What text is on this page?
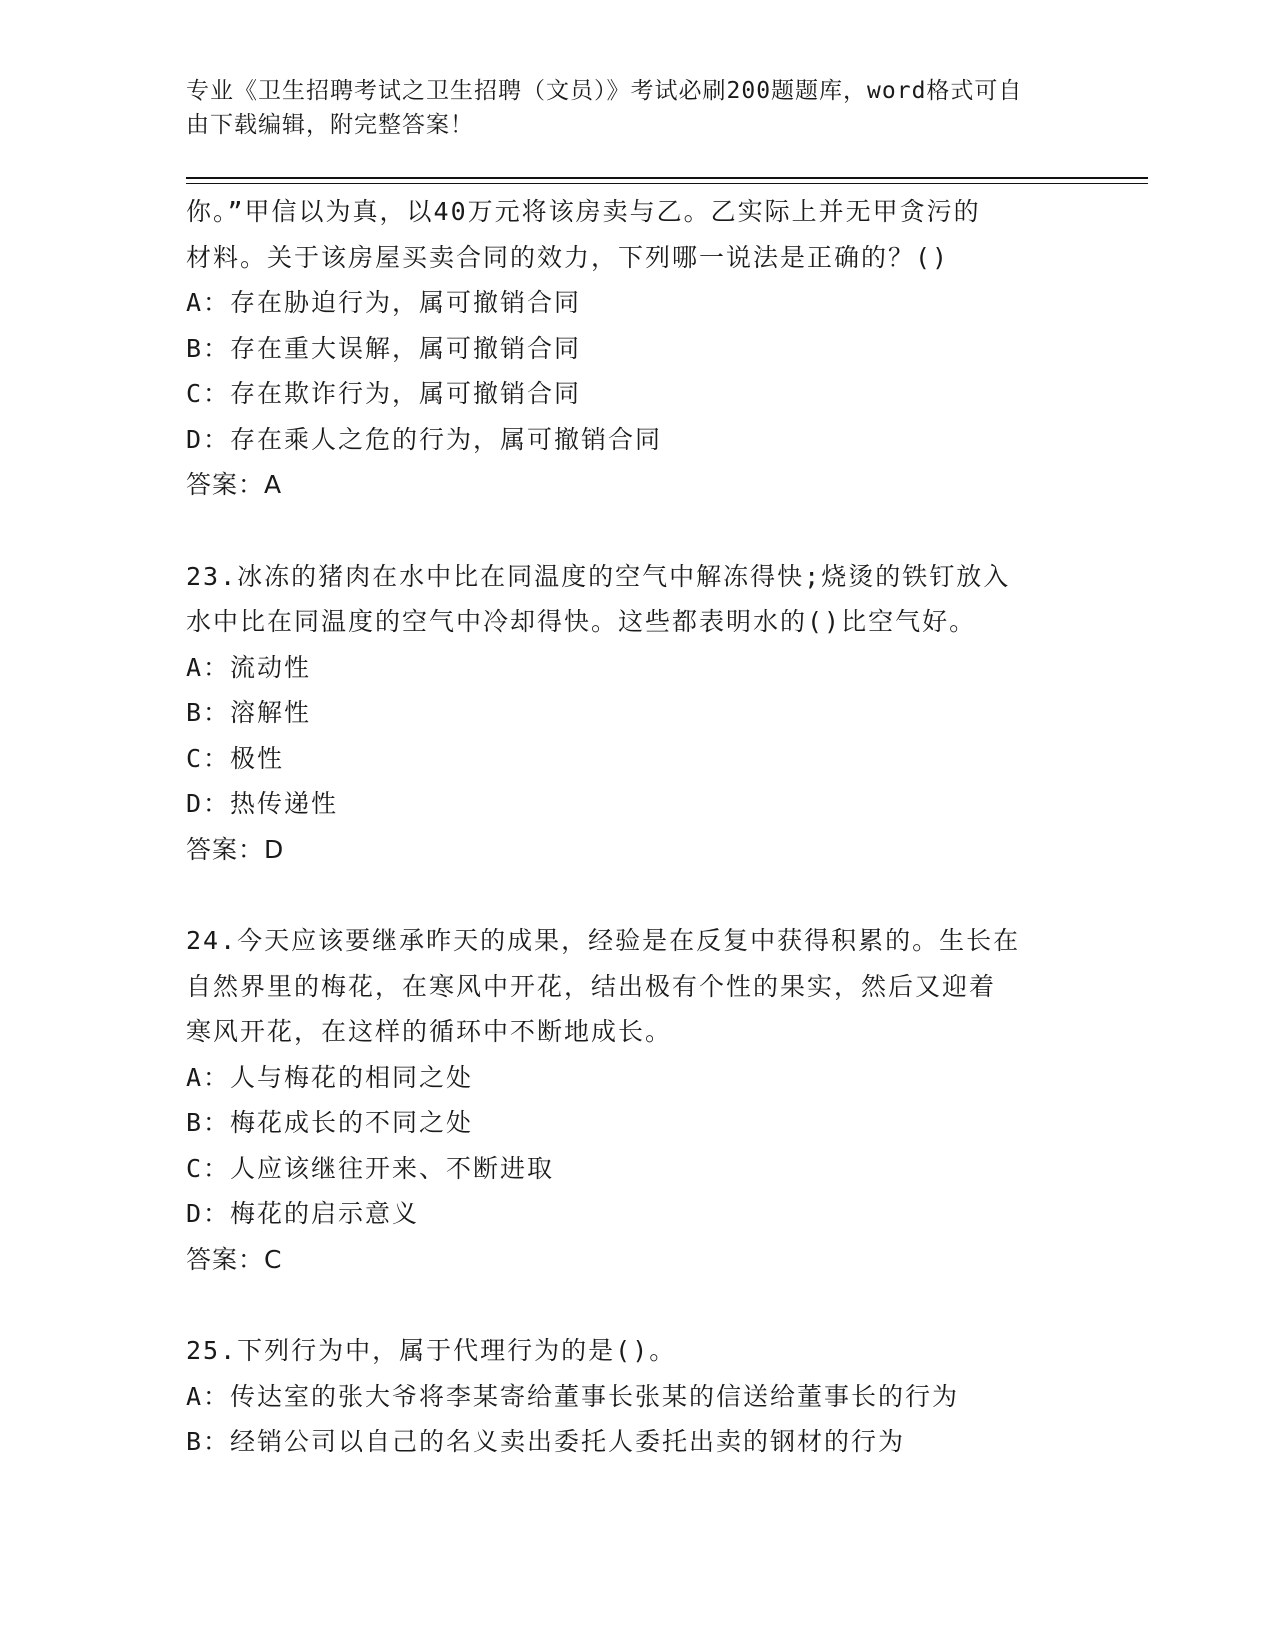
专业《卫生招聘考试之卫生招聘（文员）》考试必刷200题题库，word格式可自
由下载编辑，附完整答案！
你。”甲信以为真，以40万元将该房卖与乙。乙实际上并无甲贪污的
材料。关于该房屋买卖合同的效力，下列哪一说法是正确的？()
A：存在胁迫行为，属可撤销合同
B：存在重大误解，属可撤销合同
C：存在欺诈行为，属可撤销合同
D：存在乘人之危的行为，属可撤销合同
答案：A
23.冰冻的猪肉在水中比在同温度的空气中解冻得快;烧烫的铁钉放入
水中比在同温度的空气中冷却得快。这些都表明水的()比空气好。
A：流动性
B：溶解性
C：极性
D：热传递性
答案：D
24.今天应该要继承昨天的成果，经验是在反复中获得积累的。生长在
自然界里的梅花，在寒风中开花，结出极有个性的果实，然后又迎着
寒风开花，在这样的循环中不断地成长。
A：人与梅花的相同之处
B：梅花成长的不同之处
C：人应该继往开来、不断进取
D：梅花的启示意义
答案：C
25.下列行为中，属于代理行为的是()。
A：传达室的张大爷将李某寄给董事长张某的信送给董事长的行为
B：经销公司以自己的名义卖出委托人委托出卖的钢材的行为
